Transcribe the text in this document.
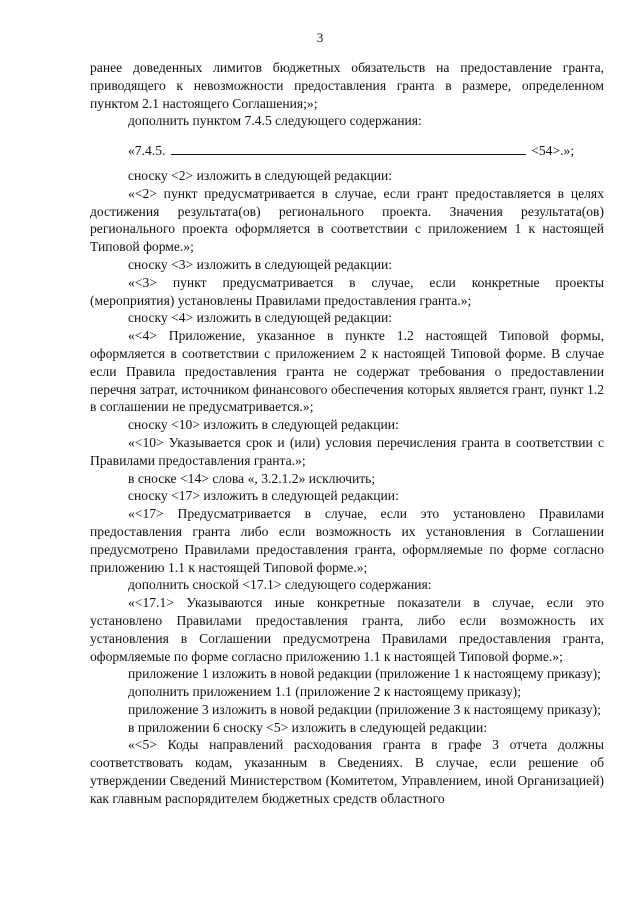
3

ранее доведенных лимитов бюджетных обязательств на предоставление гранта, приводящего к невозможности предоставления гранта в размере, определенном пунктом 2.1 настоящего Соглашения;»;

дополнить пунктом 7.4.5 следующего содержания:

«7.4.5.	<54>.»;

сноску <2> изложить в следующей редакции:

«<2> пункт предусматривается в случае, если грант предоставляется в целях достижения результата(ов) регионального проекта. Значения результата(ов) регионального проекта оформляется в соответствии с приложением 1 к настоящей Типовой форме.»;

сноску <3> изложить в следующей редакции:

«<3> пункт предусматривается в случае, если конкретные проекты (мероприятия) установлены Правилами предоставления гранта.»;

сноску <4> изложить в следующей редакции:

«<4> Приложение, указанное в пункте 1.2 настоящей Типовой формы, оформляется в соответствии с приложением 2 к настоящей Типовой форме. В случае если Правила предоставления гранта не содержат требования о предоставлении перечня затрат, источником финансового обеспечения которых является грант, пункт 1.2 в соглашении не предусматривается.»;

сноску <10> изложить в следующей редакции:

«<10> Указывается срок и (или) условия перечисления гранта в соответствии с Правилами предоставления гранта.»;

в сноске <14> слова «, 3.2.1.2» исключить;

сноску <17> изложить в следующей редакции:

«<17> Предусматривается в случае, если это установлено Правилами предоставления гранта либо если возможность их установления в Соглашении предусмотрено Правилами предоставления гранта, оформляемые по форме согласно приложению 1.1 к настоящей Типовой форме.»;

дополнить сноской <17.1> следующего содержания:

«<17.1> Указываются иные конкретные показатели в случае, если это установлено Правилами предоставления гранта, либо если возможность их установления в Соглашении предусмотрена Правилами предоставления гранта, оформляемые по форме согласно приложению 1.1 к настоящей Типовой форме.»;

приложение 1 изложить в новой редакции (приложение 1 к настоящему приказу);

дополнить приложением 1.1 (приложение 2 к настоящему приказу);

приложение 3 изложить в новой редакции (приложение 3 к настоящему приказу);

в приложении 6 сноску <5> изложить в следующей редакции:

«<5> Коды направлений расходования гранта в графе 3 отчета должны соответствовать кодам, указанным в Сведениях. В случае, если решение об утверждении Сведений Министерством (Комитетом, Управлением, иной Организацией) как главным распорядителем бюджетных средств областного
